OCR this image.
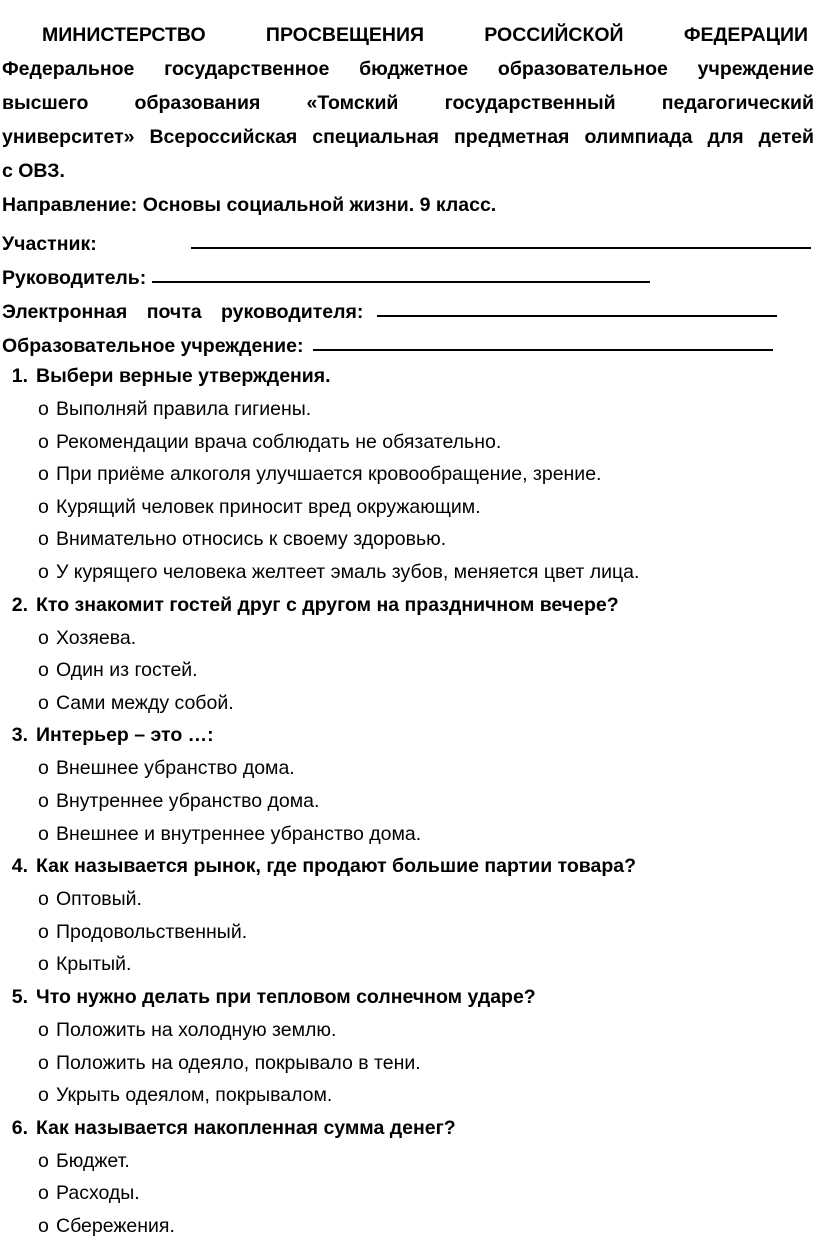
МИНИСТЕРСТВО	ПРОСВЕЩЕНИЯ	РОССИЙСКОЙ	ФЕДЕРАЦИИ
Федеральное государственное бюджетное образовательное учреждение
высшего образования «Томский государственный педагогический
университет» Всероссийская специальная предметная олимпиада для детей
с ОВЗ.
Направление: Основы социальной жизни. 9 класс.
Участник:
Руководитель:
Электронная почта руководителя:
Образовательное учреждение:
1. Выбери верные утверждения.
o Выполняй правила гигиены.
o Рекомендации врача соблюдать не обязательно.
o При приёме алкоголя улучшается кровообращение, зрение.
o Курящий человек приносит вред окружающим.
o Внимательно относись к своему здоровью.
o У курящего человека желтеет эмаль зубов, меняется цвет лица.
2. Кто знакомит гостей друг с другом на праздничном вечере?
o Хозяева.
o Один из гостей.
o Сами между собой.
3. Интерьер – это …:
o Внешнее убранство дома.
o Внутреннее убранство дома.
o Внешнее и внутреннее убранство дома.
4. Как называется рынок, где продают большие партии товара?
o Оптовый.
o Продовольственный.
o Крытый.
5. Что нужно делать при тепловом солнечном ударе?
o Положить на холодную землю.
o Положить на одеяло, покрывало в тени.
o Укрыть одеялом, покрывалом.
6. Как называется накопленная сумма денег?
o Бюджет.
o Расходы.
o Сбережения.
